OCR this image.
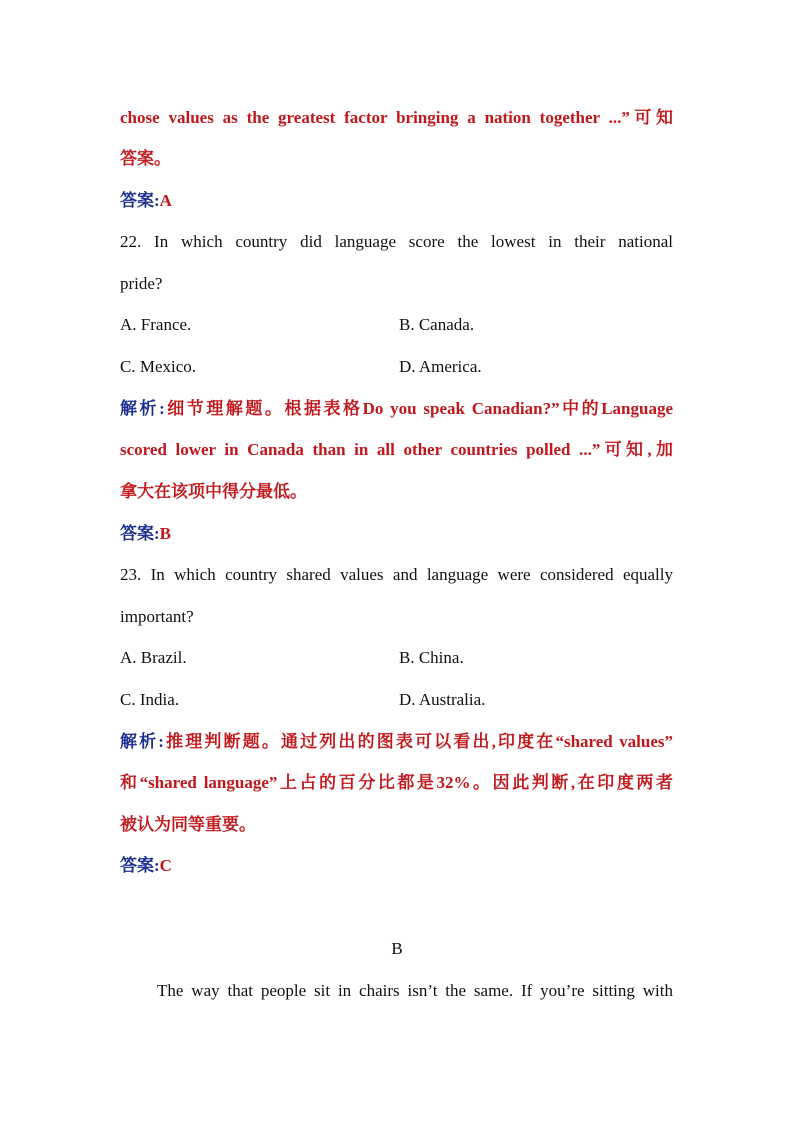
chose values as the greatest factor bringing a nation together ...”可知
答案。
答案:A
22. In which country did language score the lowest in their national
pride?
A. France.	B. Canada.
C. Mexico.	D. America.
解析:细节理解题。根据表格Do you speak Canadian?”中的Language
scored lower in Canada than in all other countries polled ...”可知,加
拿大在该项中得分最低。
答案:B
23. In which country shared values and language were considered equally
important?
A. Brazil.	B. China.
C. India.	D. Australia.
解析:推理判断题。通过列出的图表可以看出,印度在“shared values”
和“shared language”上占的百分比都是32%。因此判断,在印度两者
被认为同等重要。
答案:C
B
The way that people sit in chairs isn’t the same. If you’re sitting with
